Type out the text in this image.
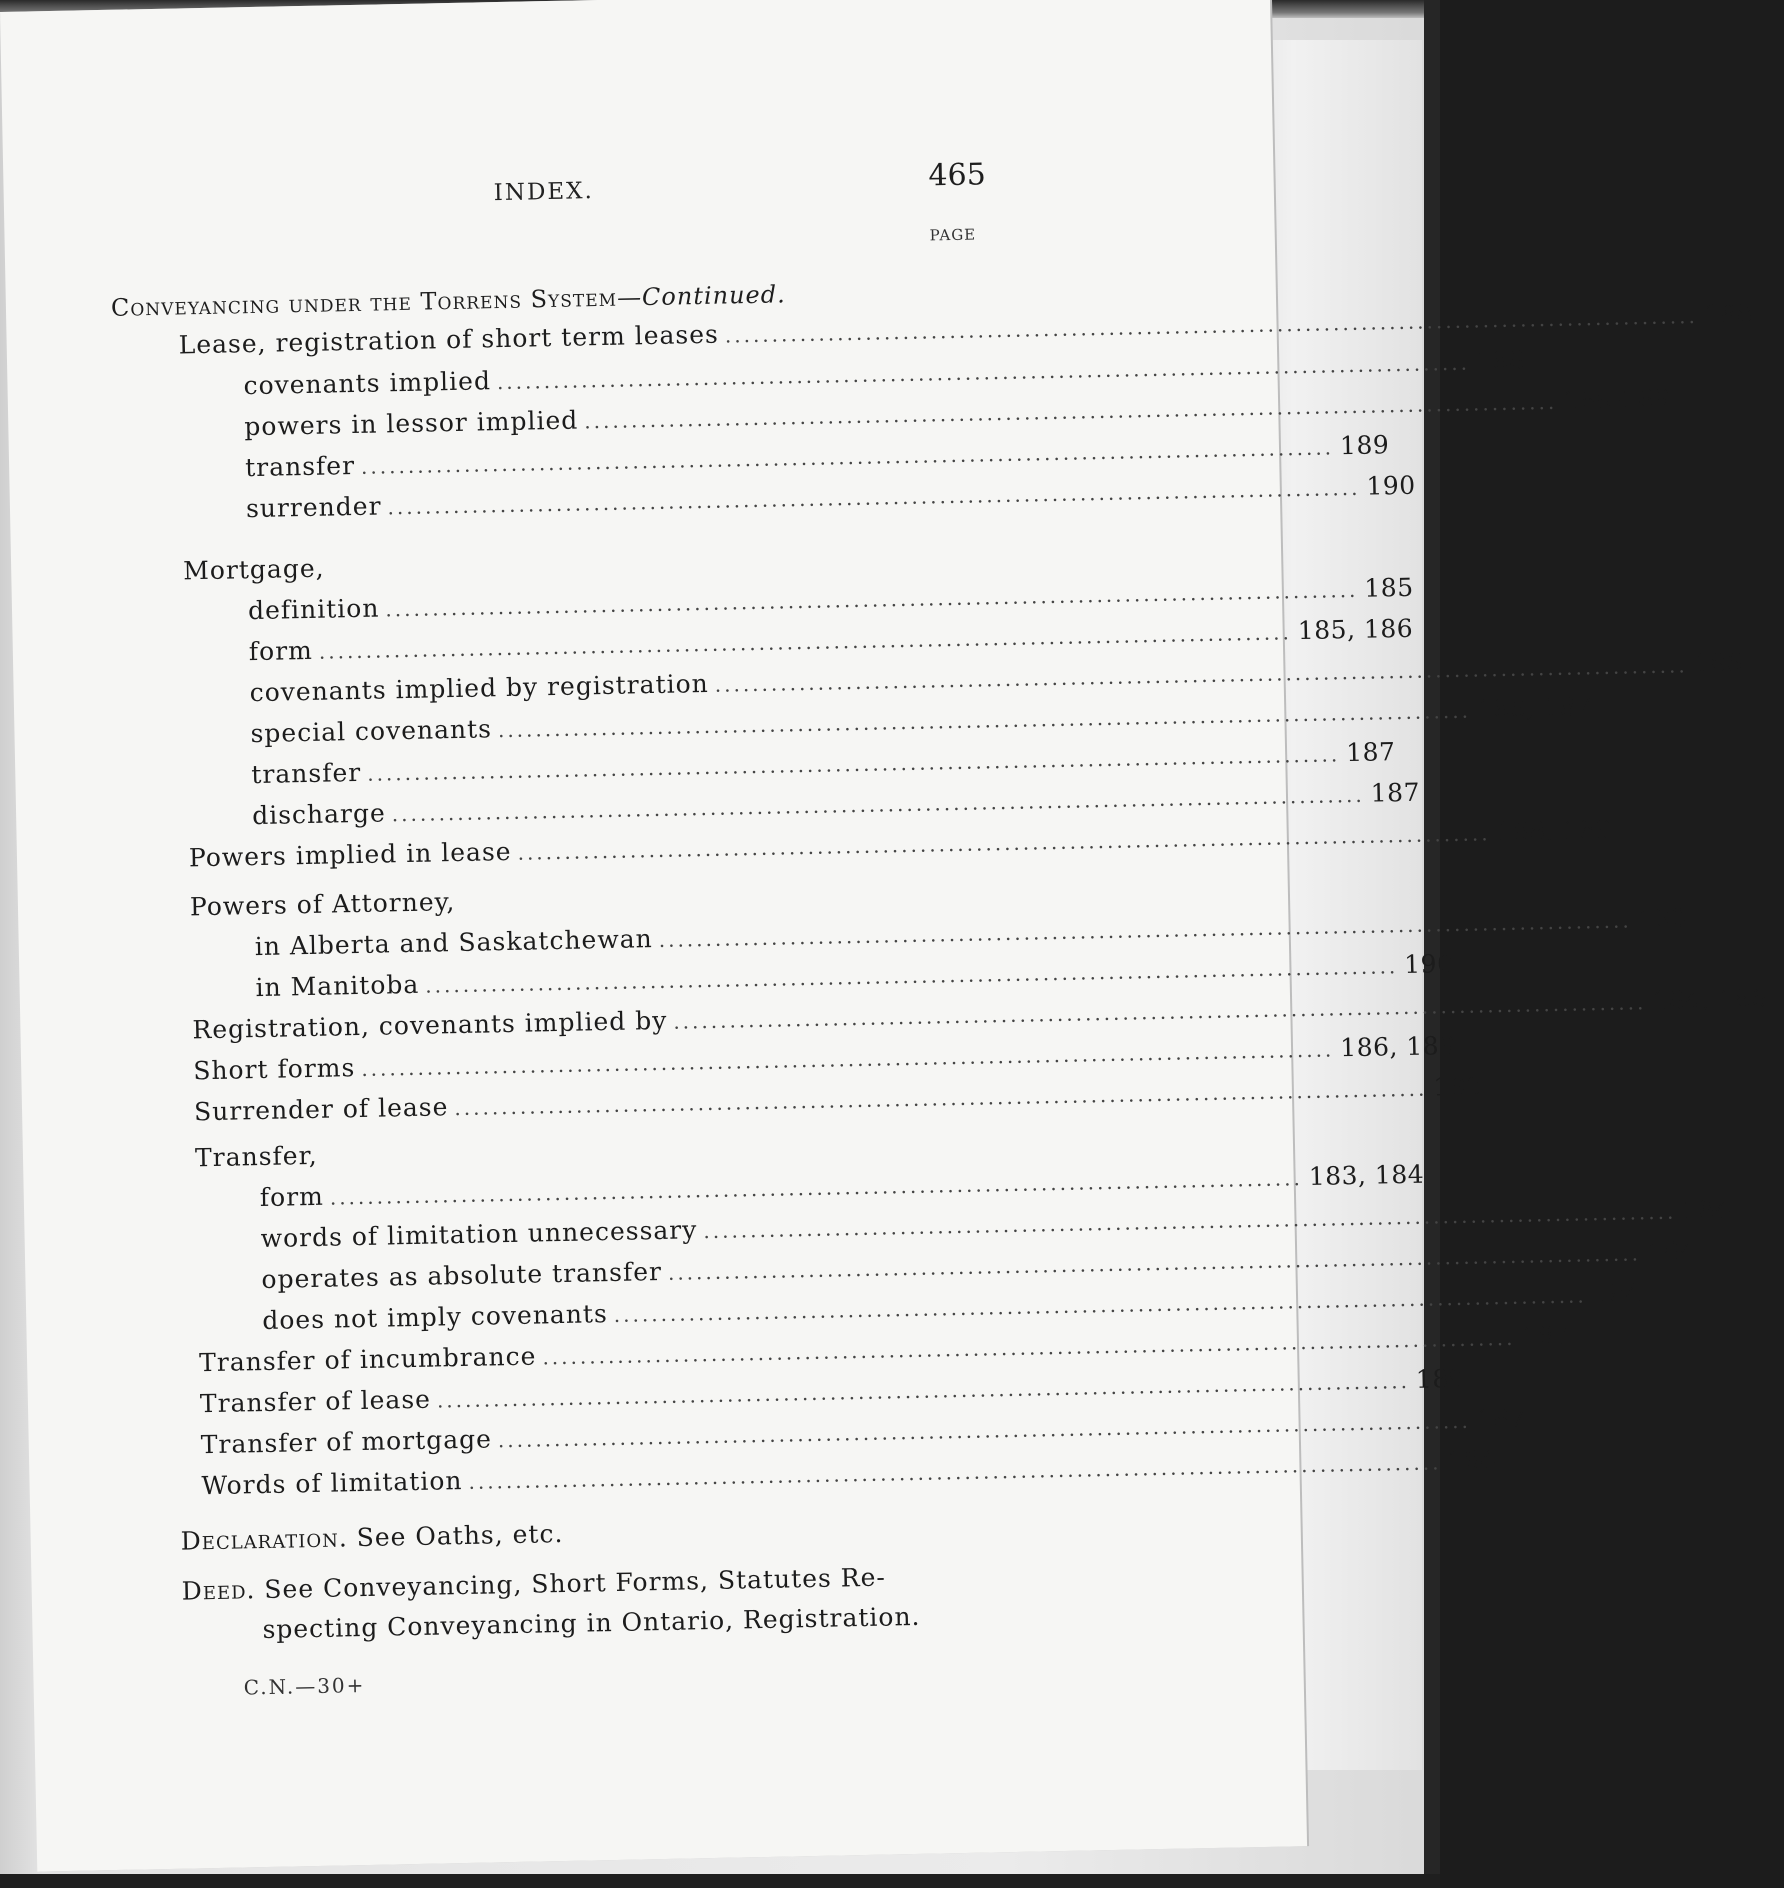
INDEX.	465
PAGE
Conveyancing under the Torrens System—Continued.
Lease, registration of short term leases ........................................................................................................ 188
covenants implied ........................................................................................................ 188
powers in lessor implied ........................................................................................................ 188-189
transfer ........................................................................................................ 189
surrender ........................................................................................................ 190
Mortgage,
definition ........................................................................................................ 185
form ........................................................................................................ 185, 186
covenants implied by registration ........................................................................................................ 186
special covenants ........................................................................................................ 186, 187
transfer ........................................................................................................ 187
discharge ........................................................................................................ 187
Powers implied in lease ........................................................................................................ 188, 189
Powers of Attorney,
in Alberta and Saskatchewan ........................................................................................................ 190
in Manitoba ........................................................................................................ 190
Registration, covenants implied by ........................................................................................................ 184, 186
Short forms ........................................................................................................ 186, 189
Surrender of lease ........................................................................................................ 190
Transfer,
form ........................................................................................................ 183, 184
words of limitation unnecessary ........................................................................................................ 184
operates as absolute transfer ........................................................................................................ 184
does not imply covenants ........................................................................................................ 184
Transfer of incumbrance ........................................................................................................ 187
Transfer of lease ........................................................................................................ 189
Transfer of mortgage ........................................................................................................ 187
Words of limitation ........................................................................................................ 184
Declaration. See Oaths, etc.
Deed. See Conveyancing, Short Forms, Statutes Re-
specting Conveyancing in Ontario, Registration.
C.N.—30+
